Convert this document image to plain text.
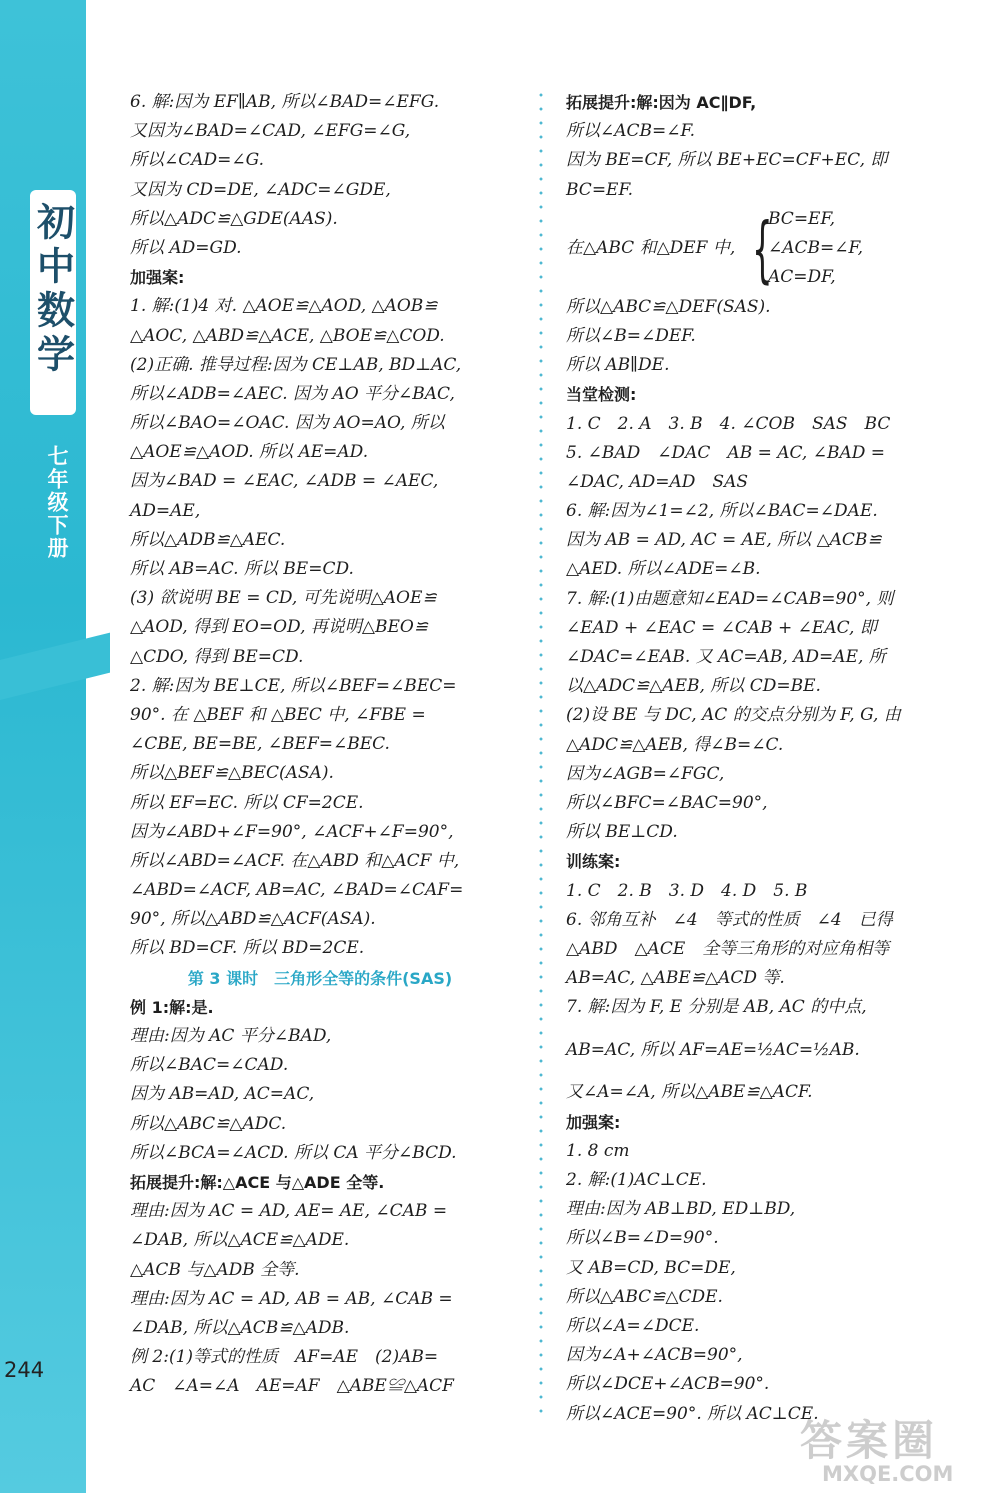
初中数学
七年级下册
244
6. 解:因为 EF∥AB, 所以∠BAD=∠EFG.
又因为∠BAD=∠CAD, ∠EFG=∠G,
所以∠CAD=∠G.
又因为 CD=DE, ∠ADC=∠GDE,
所以△ADC≌△GDE(AAS).
所以 AD=GD.
加强案:
1. 解:(1)4 对. △AOE≌△AOD, △AOB≌
△AOC, △ABD≌△ACE, △BOE≌△COD.
(2)正确. 推导过程:因为 CE⊥AB, BD⊥AC,
所以∠ADB=∠AEC. 因为 AO 平分∠BAC,
所以∠BAO=∠OAC. 因为 AO=AO, 所以
△AOE≌△AOD. 所以 AE=AD.
因为∠BAD = ∠EAC, ∠ADB = ∠AEC,
AD=AE,
所以△ADB≌△AEC.
所以 AB=AC. 所以 BE=CD.
(3) 欲说明 BE = CD, 可先说明△AOE≌
△AOD, 得到 EO=OD, 再说明△BEO≌
△CDO, 得到 BE=CD.
2. 解:因为 BE⊥CE, 所以∠BEF=∠BEC=
90°. 在 △BEF 和 △BEC 中, ∠FBE =
∠CBE, BE=BE, ∠BEF=∠BEC.
所以△BEF≌△BEC(ASA).
所以 EF=EC. 所以 CF=2CE.
因为∠ABD+∠F=90°, ∠ACF+∠F=90°,
所以∠ABD=∠ACF. 在△ABD 和△ACF 中,
∠ABD=∠ACF, AB=AC, ∠BAD=∠CAF=
90°, 所以△ABD≌△ACF(ASA).
所以 BD=CF. 所以 BD=2CE.
第 3 课时　三角形全等的条件(SAS)
例 1:解:是.
理由:因为 AC 平分∠BAD,
所以∠BAC=∠CAD.
因为 AB=AD, AC=AC,
所以△ABC≌△ADC.
所以∠BCA=∠ACD. 所以 CA 平分∠BCD.
拓展提升:解:△ACE 与△ADE 全等.
理由:因为 AC = AD, AE= AE, ∠CAB =
∠DAB, 所以△ACE≌△ADE.
△ACB 与△ADB 全等.
理由:因为 AC = AD, AB = AB, ∠CAB =
∠DAB, 所以△ACB≌△ADB.
例 2:(1)等式的性质　AF=AE　(2)AB=
AC　∠A=∠A　AE=AF　△ABE≌△ACF
拓展提升:解:因为 AC∥DF,
所以∠ACB=∠F.
因为 BE=CF, 所以 BE+EC=CF+EC, 即
BC=EF.
在△ABC 和△DEF 中, {
BC=EF,
∠ACB=∠F,
AC=DF,
所以△ABC≌△DEF(SAS).
所以∠B=∠DEF.
所以 AB∥DE.
当堂检测:
1. C　2. A　3. B　4. ∠COB　SAS　BC
5. ∠BAD　∠DAC　AB = AC, ∠BAD =
∠DAC, AD=AD　SAS
6. 解:因为∠1=∠2, 所以∠BAC=∠DAE.
因为 AB = AD, AC = AE, 所以 △ACB≌
△AED. 所以∠ADE=∠B.
7. 解:(1)由题意知∠EAD=∠CAB=90°, 则
∠EAD + ∠EAC = ∠CAB + ∠EAC, 即
∠DAC=∠EAB. 又 AC=AB, AD=AE, 所
以△ADC≌△AEB, 所以 CD=BE.
(2)设 BE 与 DC, AC 的交点分别为 F, G, 由
△ADC≌△AEB, 得∠B=∠C.
因为∠AGB=∠FGC,
所以∠BFC=∠BAC=90°,
所以 BE⊥CD.
训练案:
1. C　2. B　3. D　4. D　5. B
6. 邻角互补　∠4　等式的性质　∠4　已得
△ABD　△ACE　全等三角形的对应角相等
AB=AC, △ABE≌△ACD 等.
7. 解:因为 F, E 分别是 AB, AC 的中点,
AB=AC, 所以 AF=AE=½AC=½AB.
又∠A=∠A, 所以△ABE≌△ACF.
加强案:
1. 8 cm
2. 解:(1)AC⊥CE.
理由:因为 AB⊥BD, ED⊥BD,
所以∠B=∠D=90°.
又 AB=CD, BC=DE,
所以△ABC≌△CDE.
所以∠A=∠DCE.
因为∠A+∠ACB=90°,
所以∠DCE+∠ACB=90°.
所以∠ACE=90°. 所以 AC⊥CE.
答案圈
MXQE.COM
